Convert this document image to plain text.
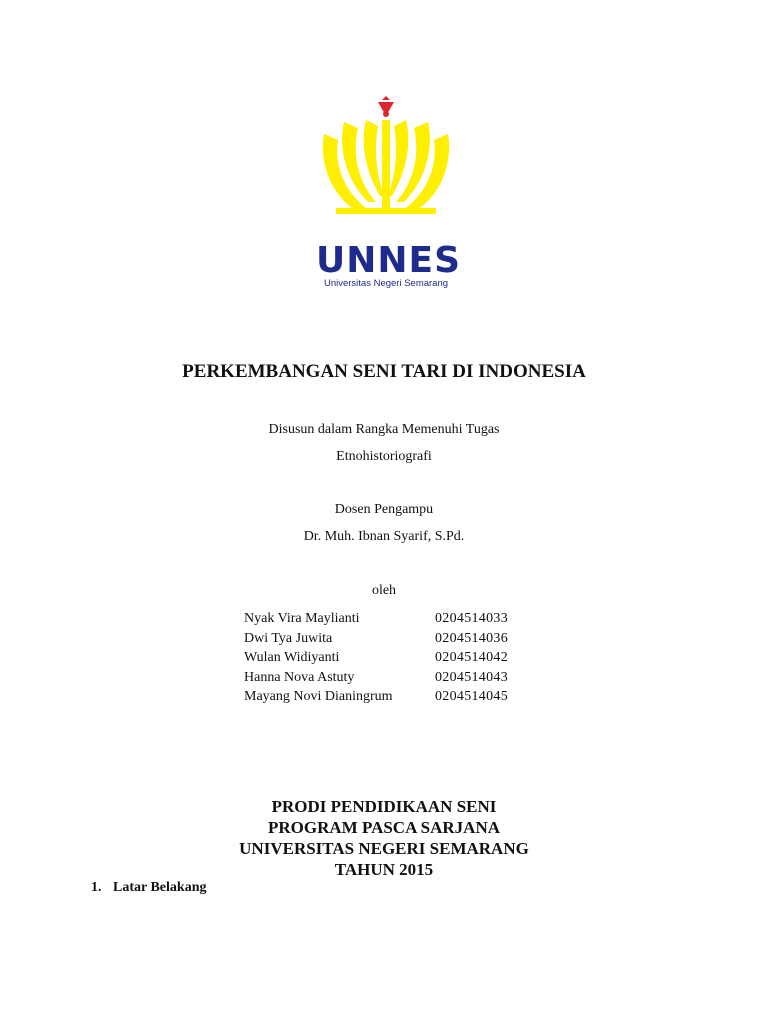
UNNES
Universitas Negeri Semarang
PERKEMBANGAN SENI TARI DI INDONESIA
Disusun dalam Rangka Memenuhi Tugas
Etnohistoriografi
Dosen Pengampu
Dr. Muh. Ibnan Syarif, S.Pd.
oleh
Nyak Vira Maylianti	0204514033
Dwi Tya Juwita	0204514036
Wulan Widiyanti	0204514042
Hanna Nova Astuty	0204514043
Mayang Novi Dianingrum	0204514045
PRODI PENDIDIKAAN SENI
PROGRAM PASCA SARJANA
UNIVERSITAS NEGERI SEMARANG
TAHUN 2015
1. Latar Belakang
